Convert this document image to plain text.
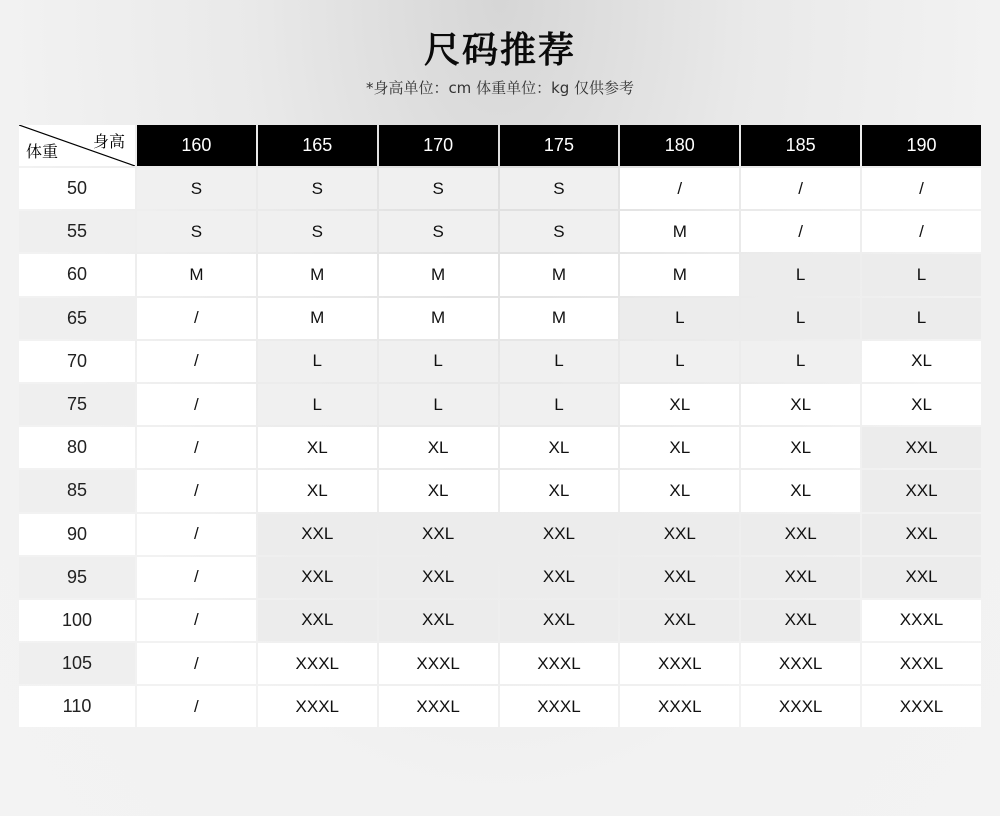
尺码推荐
*身高单位：cm 体重单位：kg 仅供参考
身高
体重	160	165	170	175	180	185	190
50	S	S	S	S	/	/	/
55	S	S	S	S	M	/	/
60	M	M	M	M	M	L	L
65	/	M	M	M	L	L	L
70	/	L	L	L	L	L	XL
75	/	L	L	L	XL	XL	XL
80	/	XL	XL	XL	XL	XL	XXL
85	/	XL	XL	XL	XL	XL	XXL
90	/	XXL	XXL	XXL	XXL	XXL	XXL
95	/	XXL	XXL	XXL	XXL	XXL	XXL
100	/	XXL	XXL	XXL	XXL	XXL	XXXL
105	/	XXXL	XXXL	XXXL	XXXL	XXXL	XXXL
110	/	XXXL	XXXL	XXXL	XXXL	XXXL	XXXL
